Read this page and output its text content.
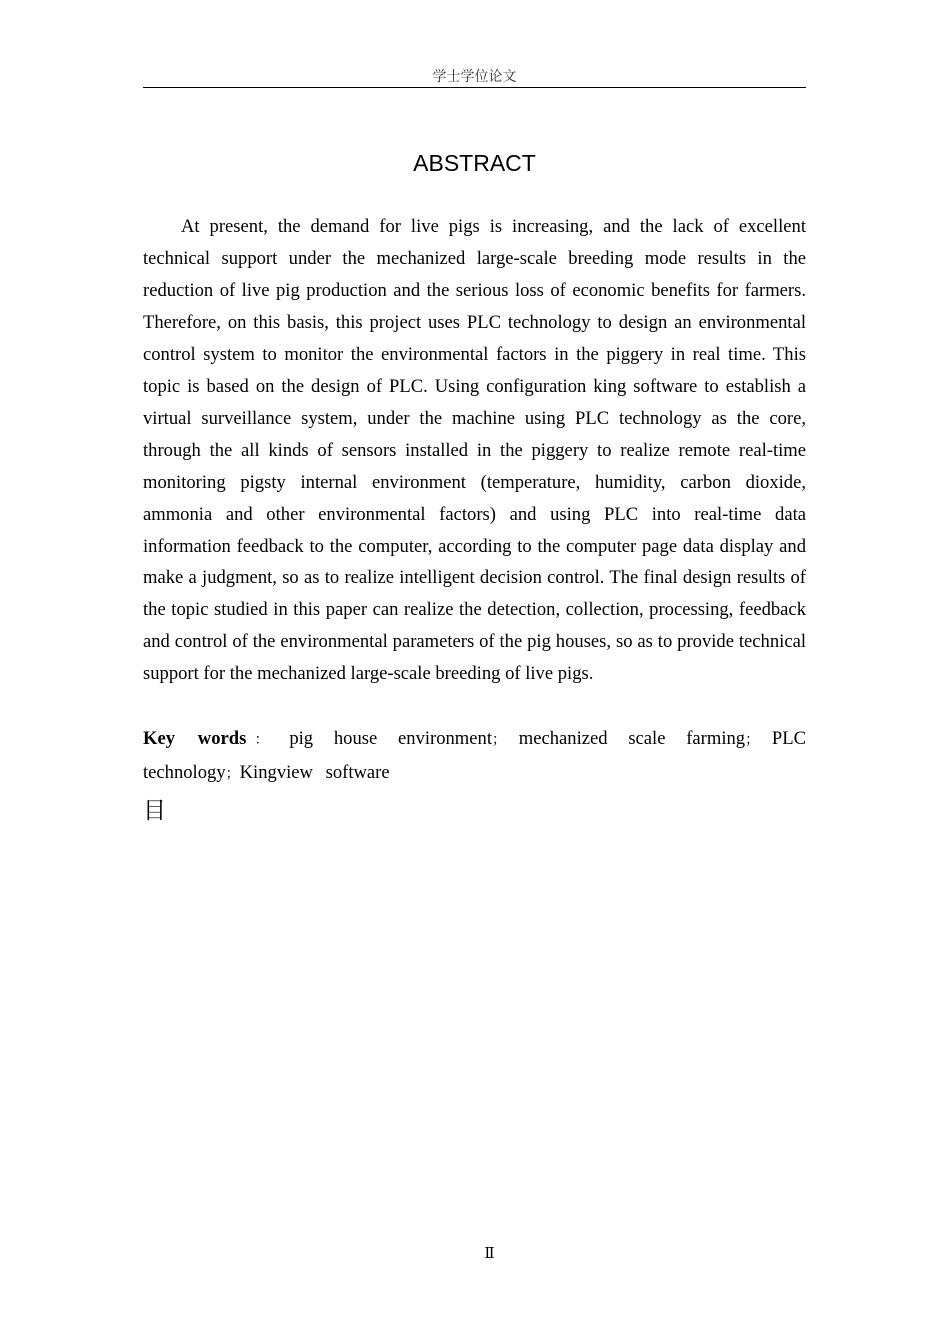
学士学位论文
ABSTRACT

At present, the demand for live pigs is increasing, and the lack of excellent technical support under the mechanized large-scale breeding mode results in the reduction of live pig production and the serious loss of economic benefits for farmers. Therefore, on this basis, this project uses PLC technology to design an environmental control system to monitor the environmental factors in the piggery in real time. This topic is based on the design of PLC. Using configuration king software to establish a virtual surveillance system, under the machine using PLC technology as the core, through the all kinds of sensors installed in the piggery to realize remote real-time monitoring pigsty internal environment (temperature, humidity, carbon dioxide, ammonia and other environmental factors) and using PLC into real-time data information feedback to the computer, according to the computer page data display and make a judgment, so as to realize intelligent decision control. The final design results of the topic studied in this paper can realize the detection, collection, processing, feedback and control of the environmental parameters of the pig houses, so as to provide technical support for the mechanized large-scale breeding of live pigs.

Key words： pig house environment； mechanized scale farming； PLC technology；Kingview software

目
Ⅱ
